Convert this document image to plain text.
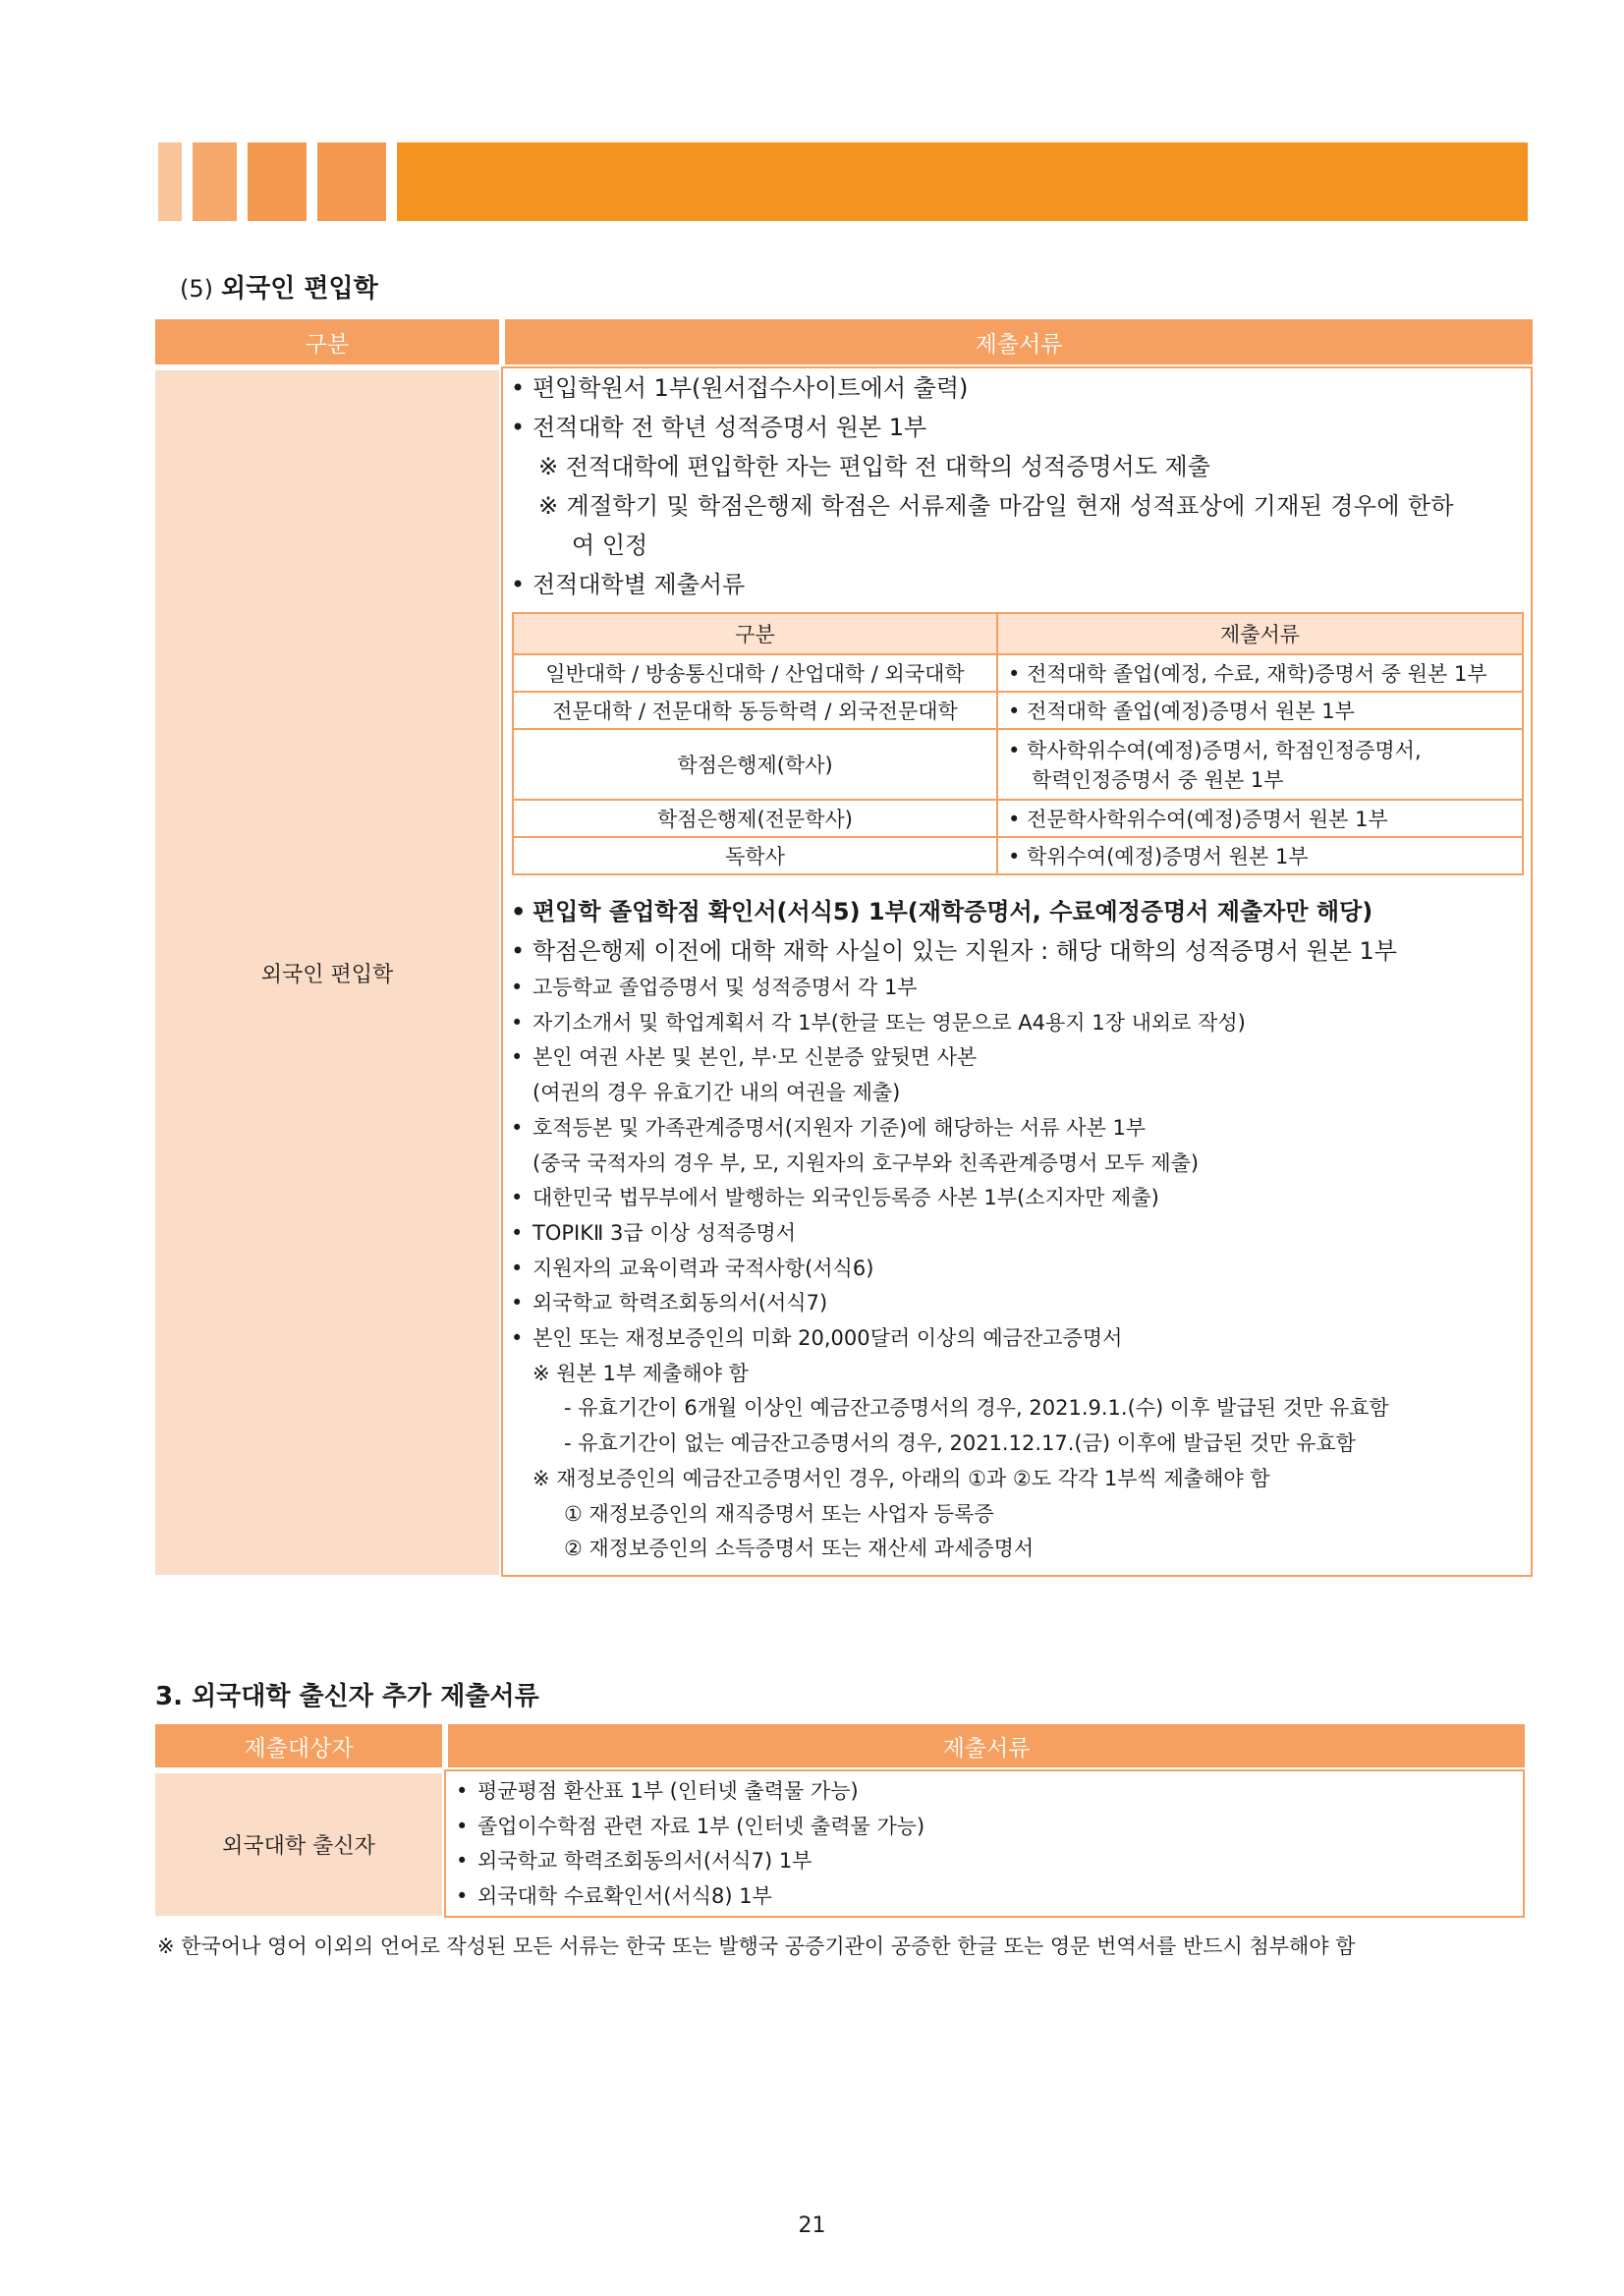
(5) 외국인 편입학
구분	제출서류
외국인 편입학
• 편입학원서 1부(원서접수사이트에서 출력)
• 전적대학 전 학년 성적증명서 원본 1부
※ 전적대학에 편입학한 자는 편입학 전 대학의 성적증명서도 제출
※ 계절학기 및 학점은행제 학점은 서류제출 마감일 현재 성적표상에 기재된 경우에 한하
여 인정
• 전적대학별 제출서류
구분	제출서류
일반대학 / 방송통신대학 / 산업대학 / 외국대학	• 전적대학 졸업(예정, 수료, 재학)증명서 중 원본 1부
전문대학 / 전문대학 동등학력 / 외국전문대학	• 전적대학 졸업(예정)증명서 원본 1부
학점은행제(학사)	• 학사학위수여(예정)증명서, 학점인정증명서,
학력인정증명서 중 원본 1부

학점은행제(전문학사)	• 전문학사학위수여(예정)증명서 원본 1부
독학사	• 학위수여(예정)증명서 원본 1부
• 편입학 졸업학점 확인서(서식5) 1부(재학증명서, 수료예정증명서 제출자만 해당)
• 학점은행제 이전에 대학 재학 사실이 있는 지원자 : 해당 대학의 성적증명서 원본 1부
• 고등학교 졸업증명서 및 성적증명서 각 1부
• 자기소개서 및 학업계획서 각 1부(한글 또는 영문으로 A4용지 1장 내외로 작성)
• 본인 여권 사본 및 본인, 부·모 신분증 앞뒷면 사본
(여권의 경우 유효기간 내의 여권을 제출)
• 호적등본 및 가족관계증명서(지원자 기준)에 해당하는 서류 사본 1부
(중국 국적자의 경우 부, 모, 지원자의 호구부와 친족관계증명서 모두 제출)
• 대한민국 법무부에서 발행하는 외국인등록증 사본 1부(소지자만 제출)
• TOPIKⅡ 3급 이상 성적증명서
• 지원자의 교육이력과 국적사항(서식6)
• 외국학교 학력조회동의서(서식7)
• 본인 또는 재정보증인의 미화 20,000달러 이상의 예금잔고증명서
※ 원본 1부 제출해야 함
- 유효기간이 6개월 이상인 예금잔고증명서의 경우, 2021.9.1.(수) 이후 발급된 것만 유효함
- 유효기간이 없는 예금잔고증명서의 경우, 2021.12.17.(금) 이후에 발급된 것만 유효함
※ 재정보증인의 예금잔고증명서인 경우, 아래의 ①과 ②도 각각 1부씩 제출해야 함
① 재정보증인의 재직증명서 또는 사업자 등록증
② 재정보증인의 소득증명서 또는 재산세 과세증명서
3. 외국대학 출신자 추가 제출서류
제출대상자	제출서류
외국대학 출신자
• 평균평점 환산표 1부 (인터넷 출력물 가능)
• 졸업이수학점 관련 자료 1부 (인터넷 출력물 가능)
• 외국학교 학력조회동의서(서식7) 1부
• 외국대학 수료확인서(서식8) 1부
※ 한국어나 영어 이외의 언어로 작성된 모든 서류는 한국 또는 발행국 공증기관이 공증한 한글 또는 영문 번역서를 반드시 첨부해야 함
21
